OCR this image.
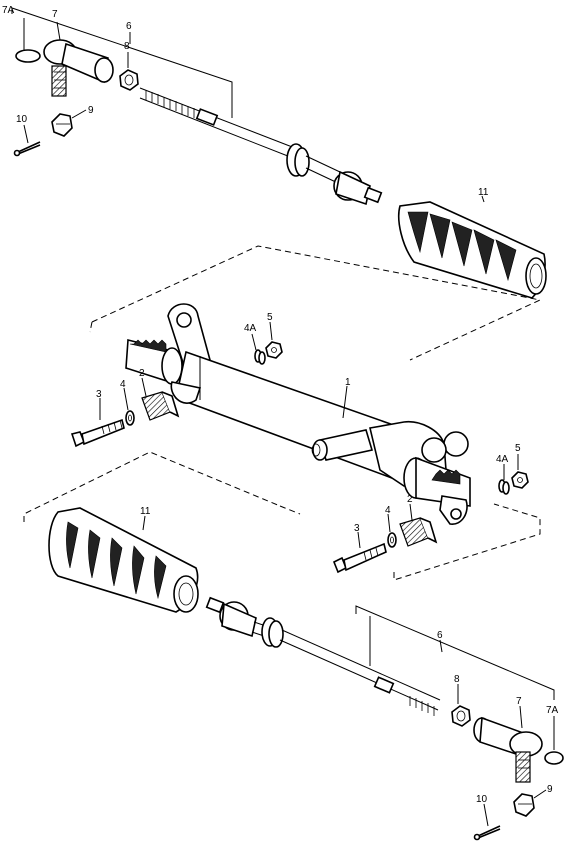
7A	7
6
8
9
10
11
5
4A
1
2
3
4
5
4A
2
4
3
11
6
8
7
7A
9
10
